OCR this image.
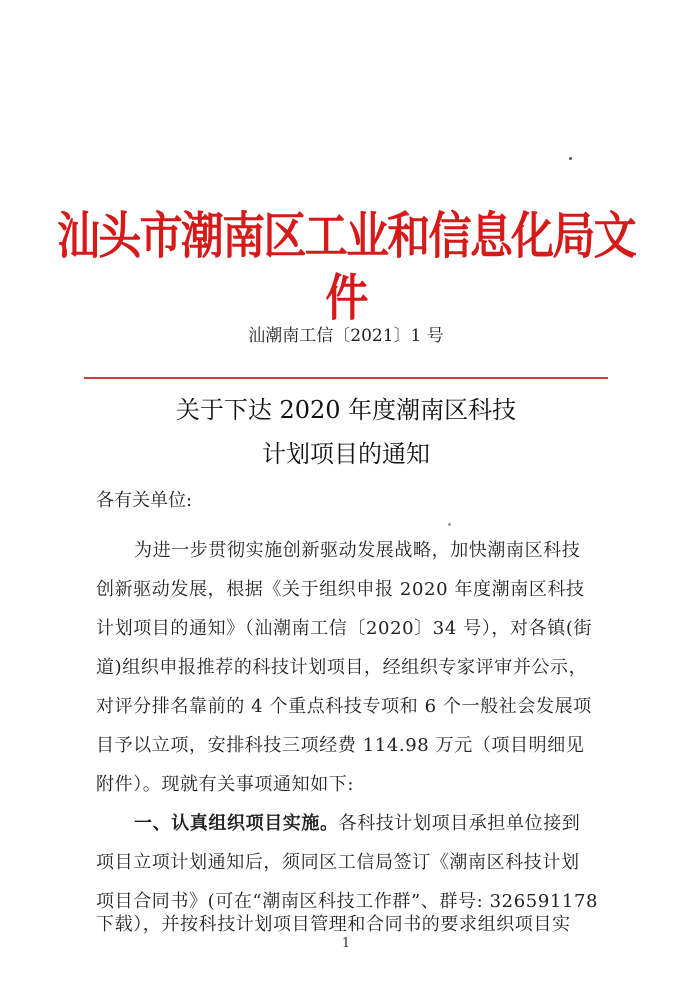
汕头市潮南区工业和信息化局文件
汕潮南工信〔2021〕1 号
关于下达 2020 年度潮南区科技
计划项目的通知
各有关单位:
为进一步贯彻实施创新驱动发展战略，加快潮南区科技
创新驱动发展，根据《关于组织申报 2020 年度潮南区科技
计划项目的通知》（汕潮南工信〔2020〕34 号），对各镇(街
道)组织申报推荐的科技计划项目，经组织专家评审并公示，
对评分排名靠前的 4 个重点科技专项和 6 个一般社会发展项
目予以立项，安排科技三项经费 114.98 万元（项目明细见
附件）。现就有关事项通知如下:
一、认真组织项目实施。各科技计划项目承担单位接到
项目立项计划通知后，须同区工信局签订《潮南区科技计划
项目合同书》(可在“潮南区科技工作群”、群号: 326591178
下载），并按科技计划项目管理和合同书的要求组织项目实
1
